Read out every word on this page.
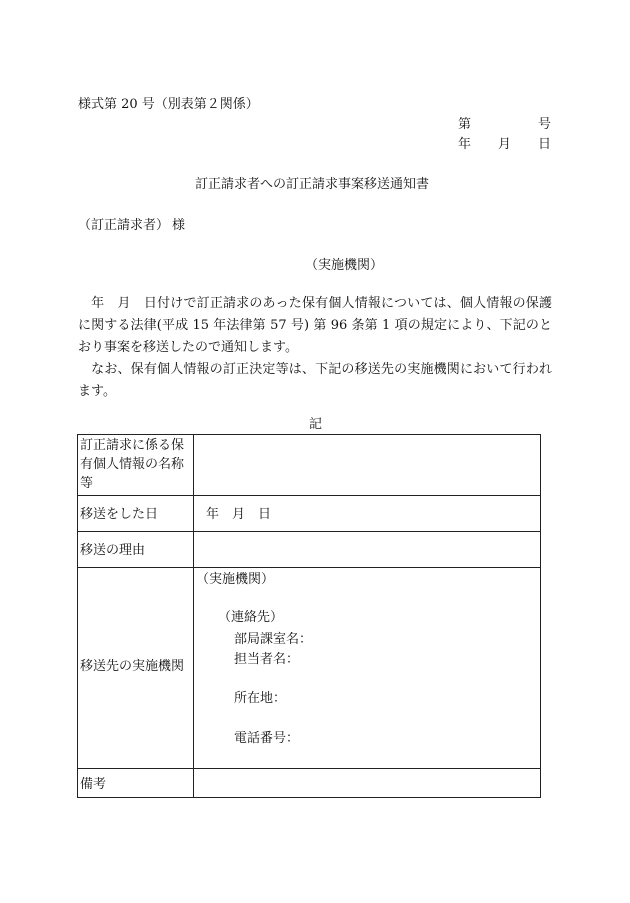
様式第 20 号（別表第２関係）
第	号
年 月 日
訂正請求者への訂正請求事案移送通知書
（訂正請求者） 様
（実施機関）
　年　月　日付けで訂正請求のあった保有個人情報については、個人情報の保護に関する法律(平成 15 年法律第 57 号) 第 96 条第 1 項の規定により、下記のとおり事案を移送したので通知します。
　なお、保有個人情報の訂正決定等は、下記の移送先の実施機関において行われます。
記
訂正請求に係る保
有個人情報の名称
等
移送をした日	年　月　日
移送の理由
移送先の実施機関
（実施機関）
（連絡先）
部局課室名：
担当者名：
所在地：
電話番号：
備考
